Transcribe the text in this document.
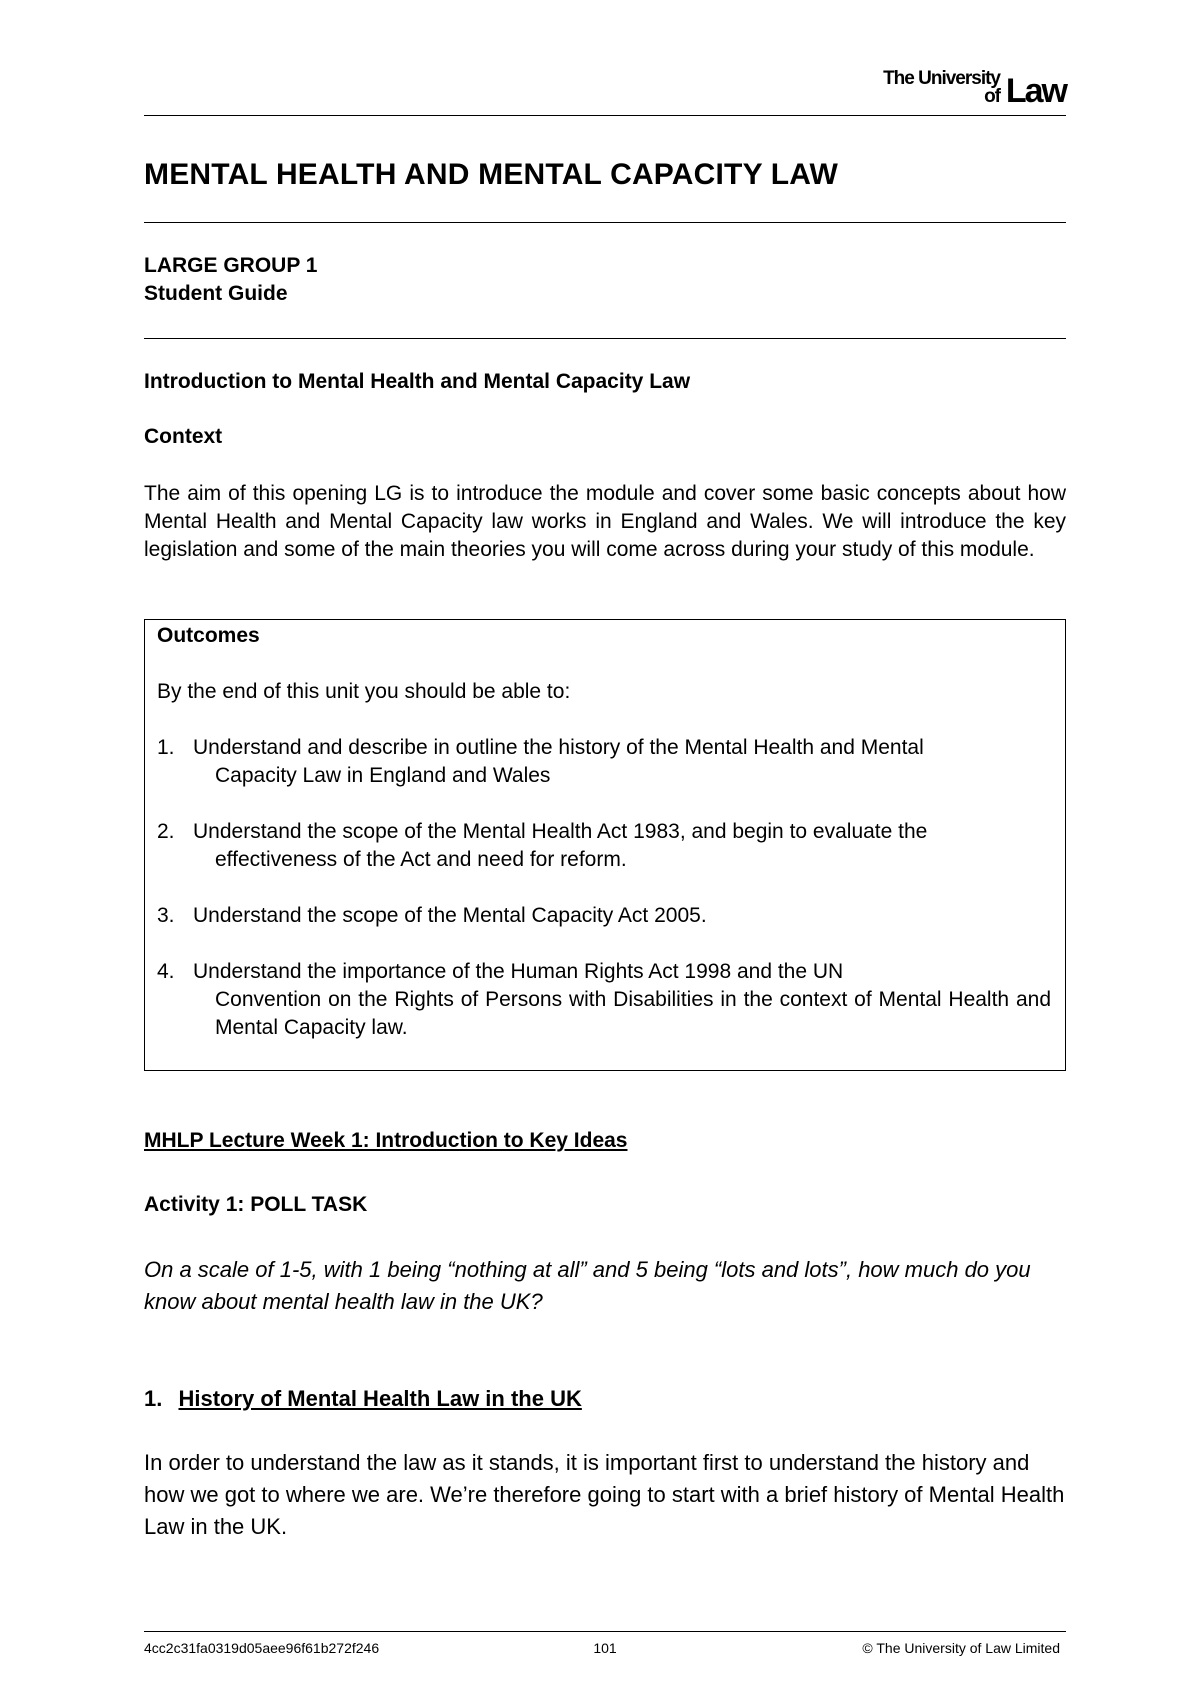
The University
of Law
MENTAL HEALTH AND MENTAL CAPACITY LAW
LARGE GROUP 1
Student Guide
Introduction to Mental Health and Mental Capacity Law
Context
The aim of this opening LG is to introduce the module and cover some basic concepts about how Mental Health and Mental Capacity law works in England and Wales. We will introduce the key legislation and some of the main theories you will come across during your study of this module.
Outcomes
By the end of this unit you should be able to:
1. Understand and describe in outline the history of the Mental Health and Mental
Capacity Law in England and Wales
2. Understand the scope of the Mental Health Act 1983, and begin to evaluate the
effectiveness of the Act and need for reform.
3. Understand the scope of the Mental Capacity Act 2005.
4. Understand the importance of the Human Rights Act 1998 and the UN
Convention on the Rights of Persons with Disabilities in the context of Mental Health and Mental Capacity law.
MHLP Lecture Week 1: Introduction to Key Ideas
Activity 1: POLL TASK
On a scale of 1-5, with 1 being “nothing at all” and 5 being “lots and lots”, how much do you know about mental health law in the UK?
1. History of Mental Health Law in the UK
In order to understand the law as it stands, it is important first to understand the history and how we got to where we are. We’re therefore going to start with a brief history of Mental Health Law in the UK.
4cc2c31fa0319d05aee96f61b272f246	101	© The University of Law Limited
